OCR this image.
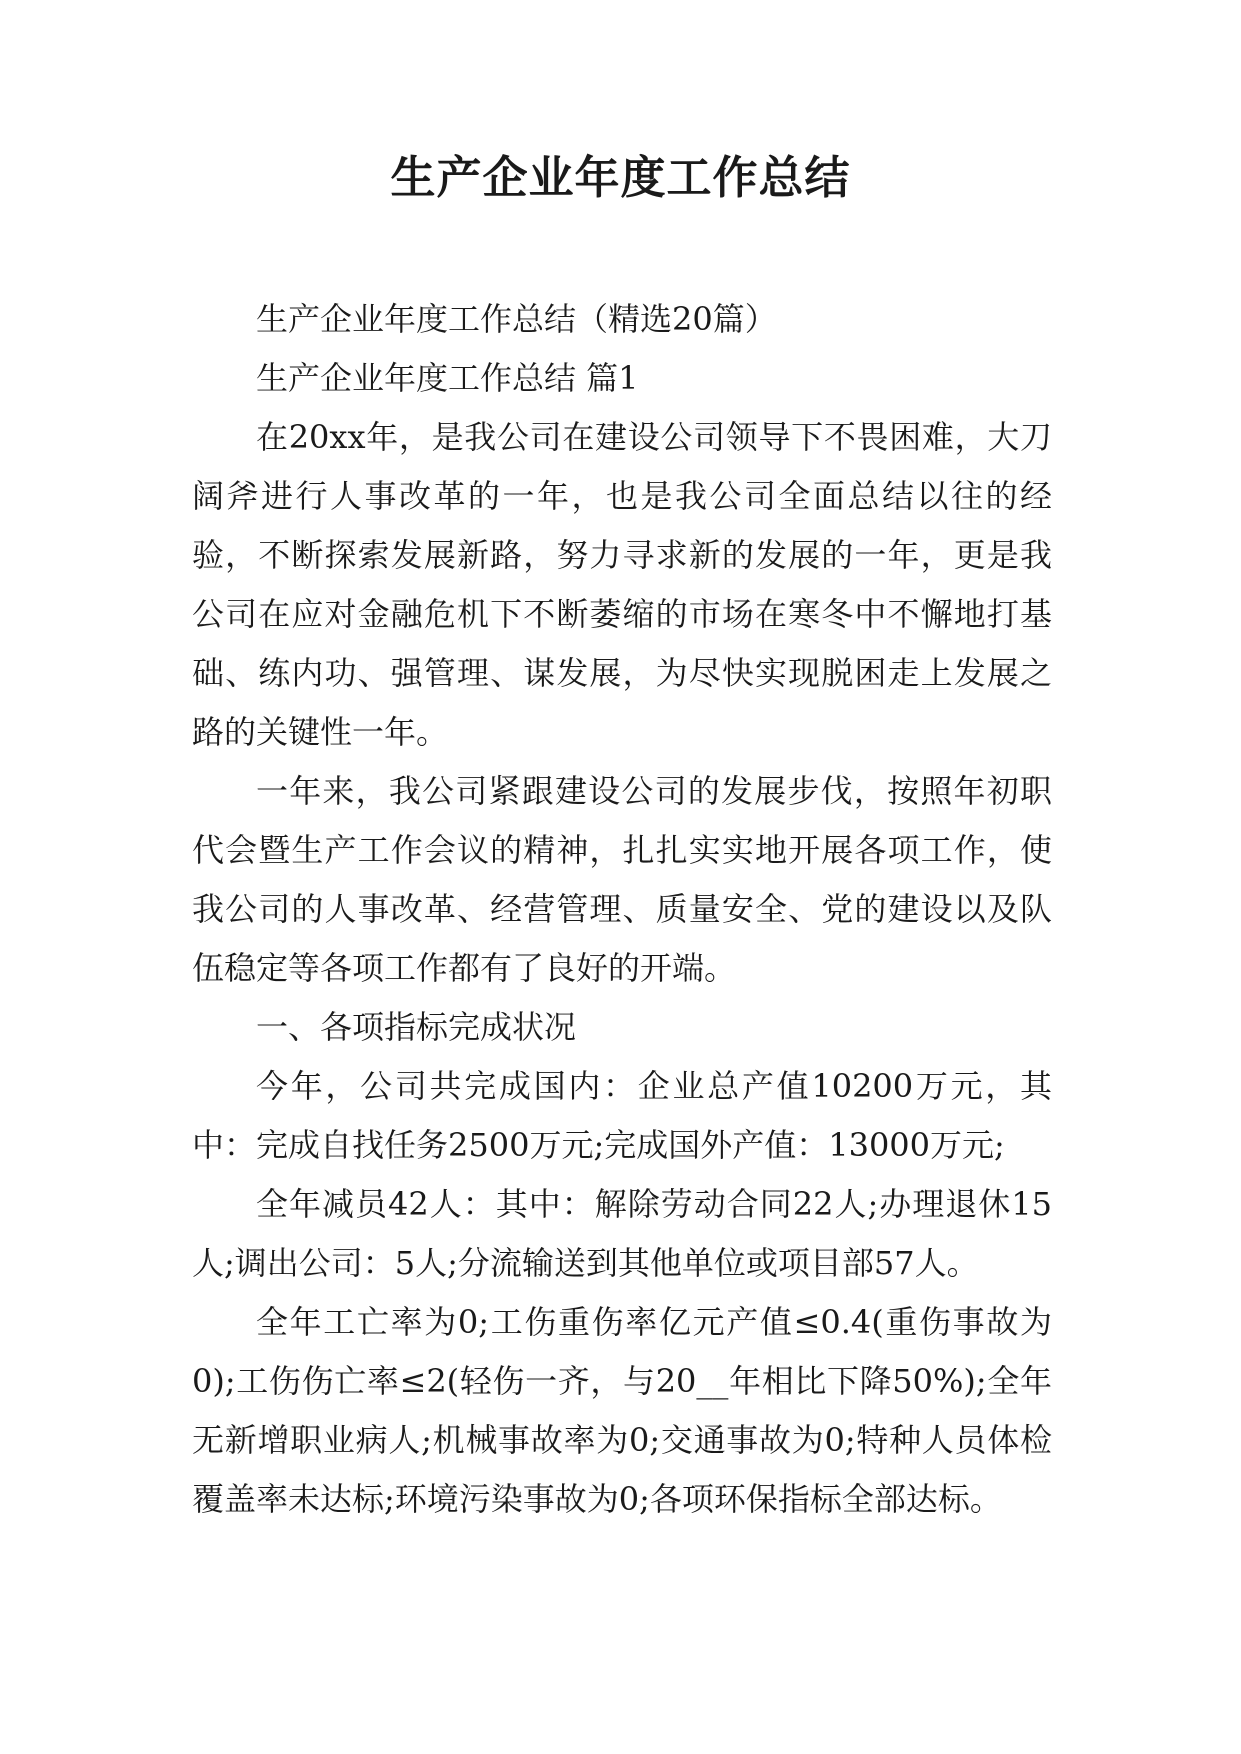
生产企业年度工作总结

生产企业年度工作总结（精选20篇）

生产企业年度工作总结 篇1

在20xx年，是我公司在建设公司领导下不畏困难，大刀阔斧进行人事改革的一年，也是我公司全面总结以往的经验，不断探索发展新路，努力寻求新的发展的一年，更是我公司在应对金融危机下不断萎缩的市场在寒冬中不懈地打基础、练内功、强管理、谋发展，为尽快实现脱困走上发展之路的关键性一年。

一年来，我公司紧跟建设公司的发展步伐，按照年初职代会暨生产工作会议的精神，扎扎实实地开展各项工作，使我公司的人事改革、经营管理、质量安全、党的建设以及队伍稳定等各项工作都有了良好的开端。

一、各项指标完成状况

今年，公司共完成国内：企业总产值10200万元，其中：完成自找任务2500万元;完成国外产值：13000万元;

全年减员42人：其中：解除劳动合同22人;办理退休15人;调出公司：5人;分流输送到其他单位或项目部57人。

全年工亡率为0;工伤重伤率亿元产值≤0.4(重伤事故为0);工伤伤亡率≤2(轻伤一齐，与20__年相比下降50%);全年无新增职业病人;机械事故率为0;交通事故为0;特种人员体检覆盖率未达标;环境污染事故为0;各项环保指标全部达标。
